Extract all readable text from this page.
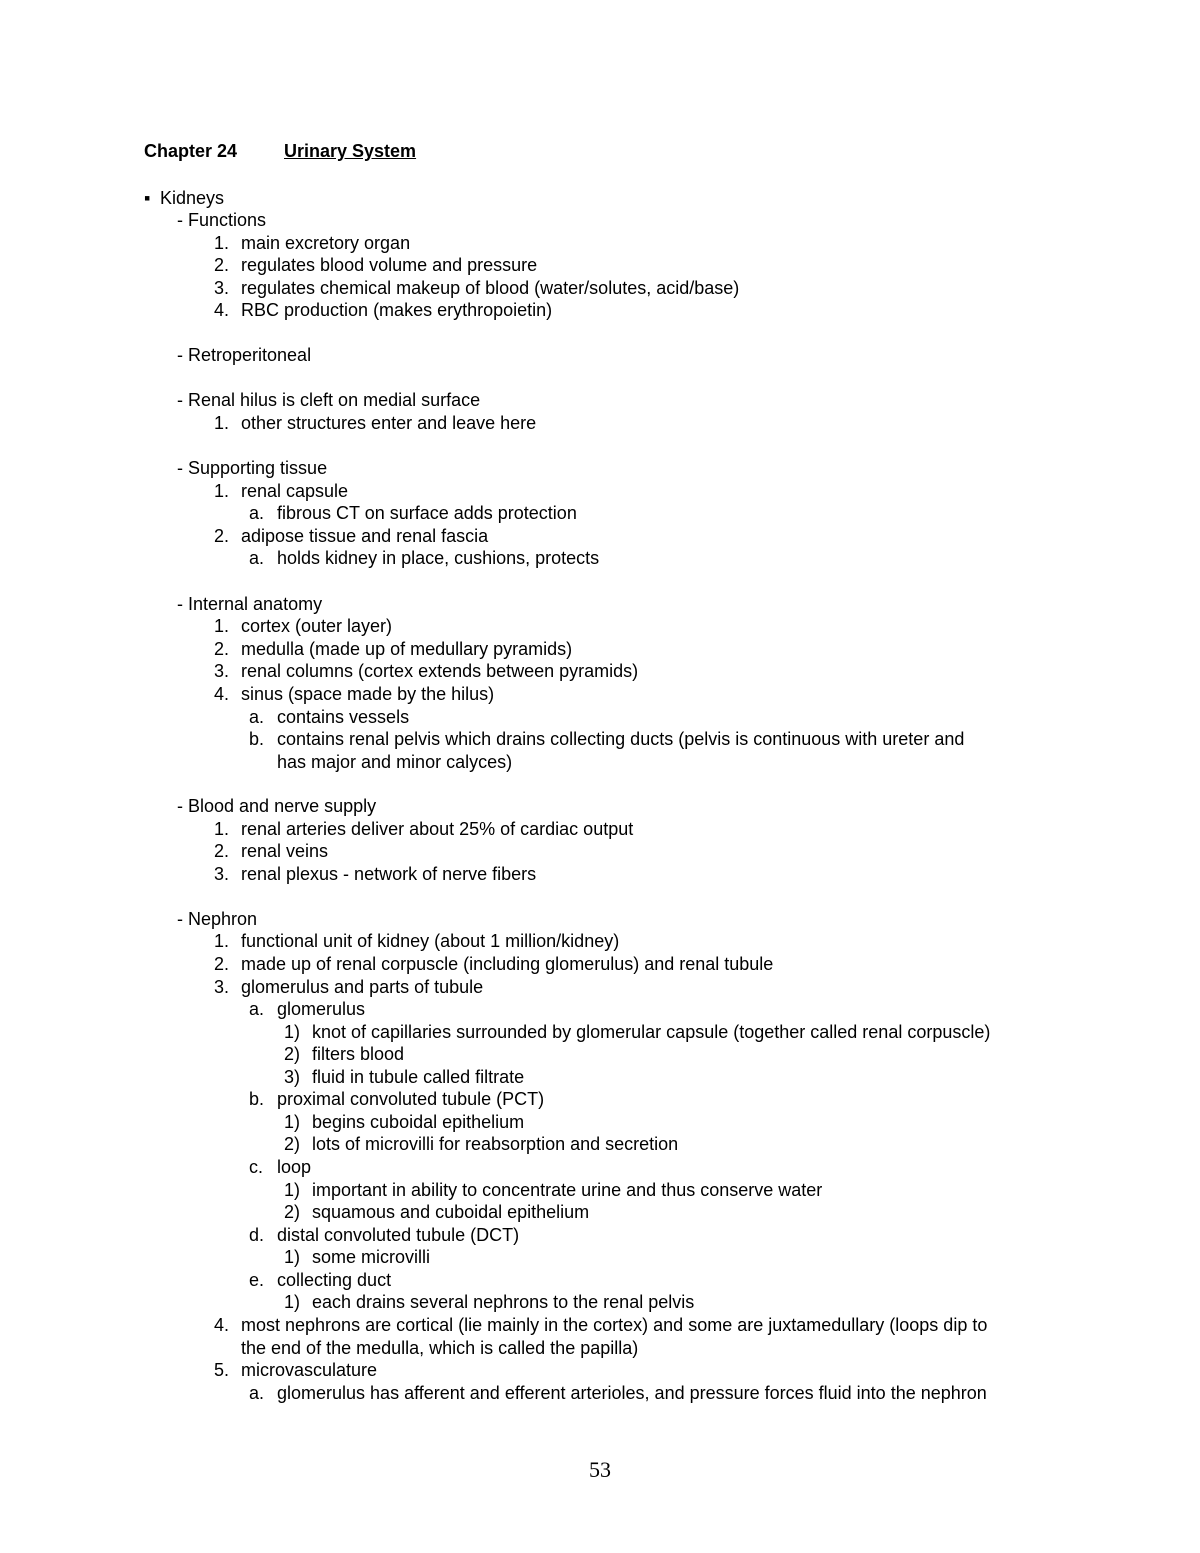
Chapter 24	Urinary System
▪ Kidneys
- Functions
1. main excretory organ
2. regulates blood volume and pressure
3. regulates chemical makeup of blood (water/solutes, acid/base)
4. RBC production (makes erythropoietin)
- Retroperitoneal
- Renal hilus is cleft on medial surface
1. other structures enter and leave here
- Supporting tissue
1. renal capsule
a. fibrous CT on surface adds protection
2. adipose tissue and renal fascia
a. holds kidney in place, cushions, protects
- Internal anatomy
1. cortex (outer layer)
2. medulla (made up of medullary pyramids)
3. renal columns (cortex extends between pyramids)
4. sinus (space made by the hilus)
a. contains vessels
b. contains renal pelvis which drains collecting ducts (pelvis is continuous with ureter and
has major and minor calyces)
- Blood and nerve supply
1. renal arteries deliver about 25% of cardiac output
2. renal veins
3. renal plexus - network of nerve fibers
- Nephron
1. functional unit of kidney (about 1 million/kidney)
2. made up of renal corpuscle (including glomerulus) and renal tubule
3. glomerulus and parts of tubule
a. glomerulus
1) knot of capillaries surrounded by glomerular capsule (together called renal corpuscle)
2) filters blood
3) fluid in tubule called filtrate
b. proximal convoluted tubule (PCT)
1) begins cuboidal epithelium
2) lots of microvilli for reabsorption and secretion
c. loop
1) important in ability to concentrate urine and thus conserve water
2) squamous and cuboidal epithelium
d. distal convoluted tubule (DCT)
1) some microvilli
e. collecting duct
1) each drains several nephrons to the renal pelvis
4. most nephrons are cortical (lie mainly in the cortex) and some are juxtamedullary (loops dip to
the end of the medulla, which is called the papilla)
5. microvasculature
a. glomerulus has afferent and efferent arterioles, and pressure forces fluid into the nephron
53
